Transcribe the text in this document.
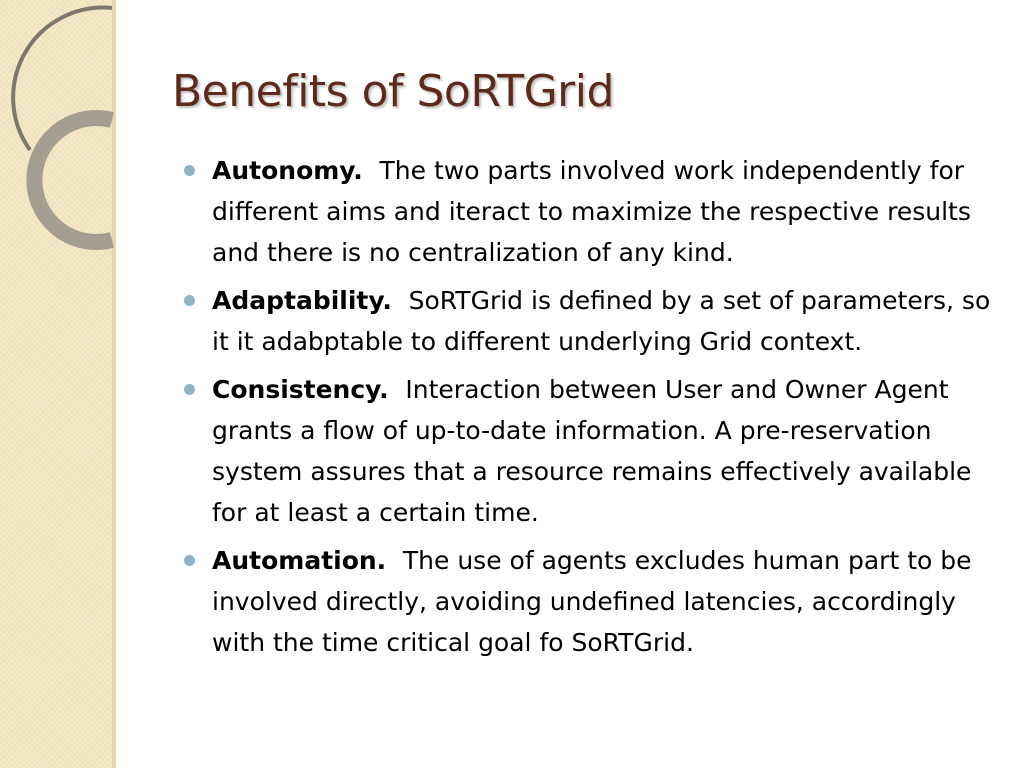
Benefits of SoRTGrid
Autonomy. The two parts involved work independently for different aims and iteract to maximize the respective results and there is no centralization of any kind.
Adaptability. SoRTGrid is defined by a set of parameters, so it it adabptable to different underlying Grid context.
Consistency. Interaction between User and Owner Agent grants a flow of up-to-date information. A pre-reservation system assures that a resource remains effectively available for at least a certain time.
Automation. The use of agents excludes human part to be involved directly, avoiding undefined latencies, accordingly with the time critical goal fo SoRTGrid.
